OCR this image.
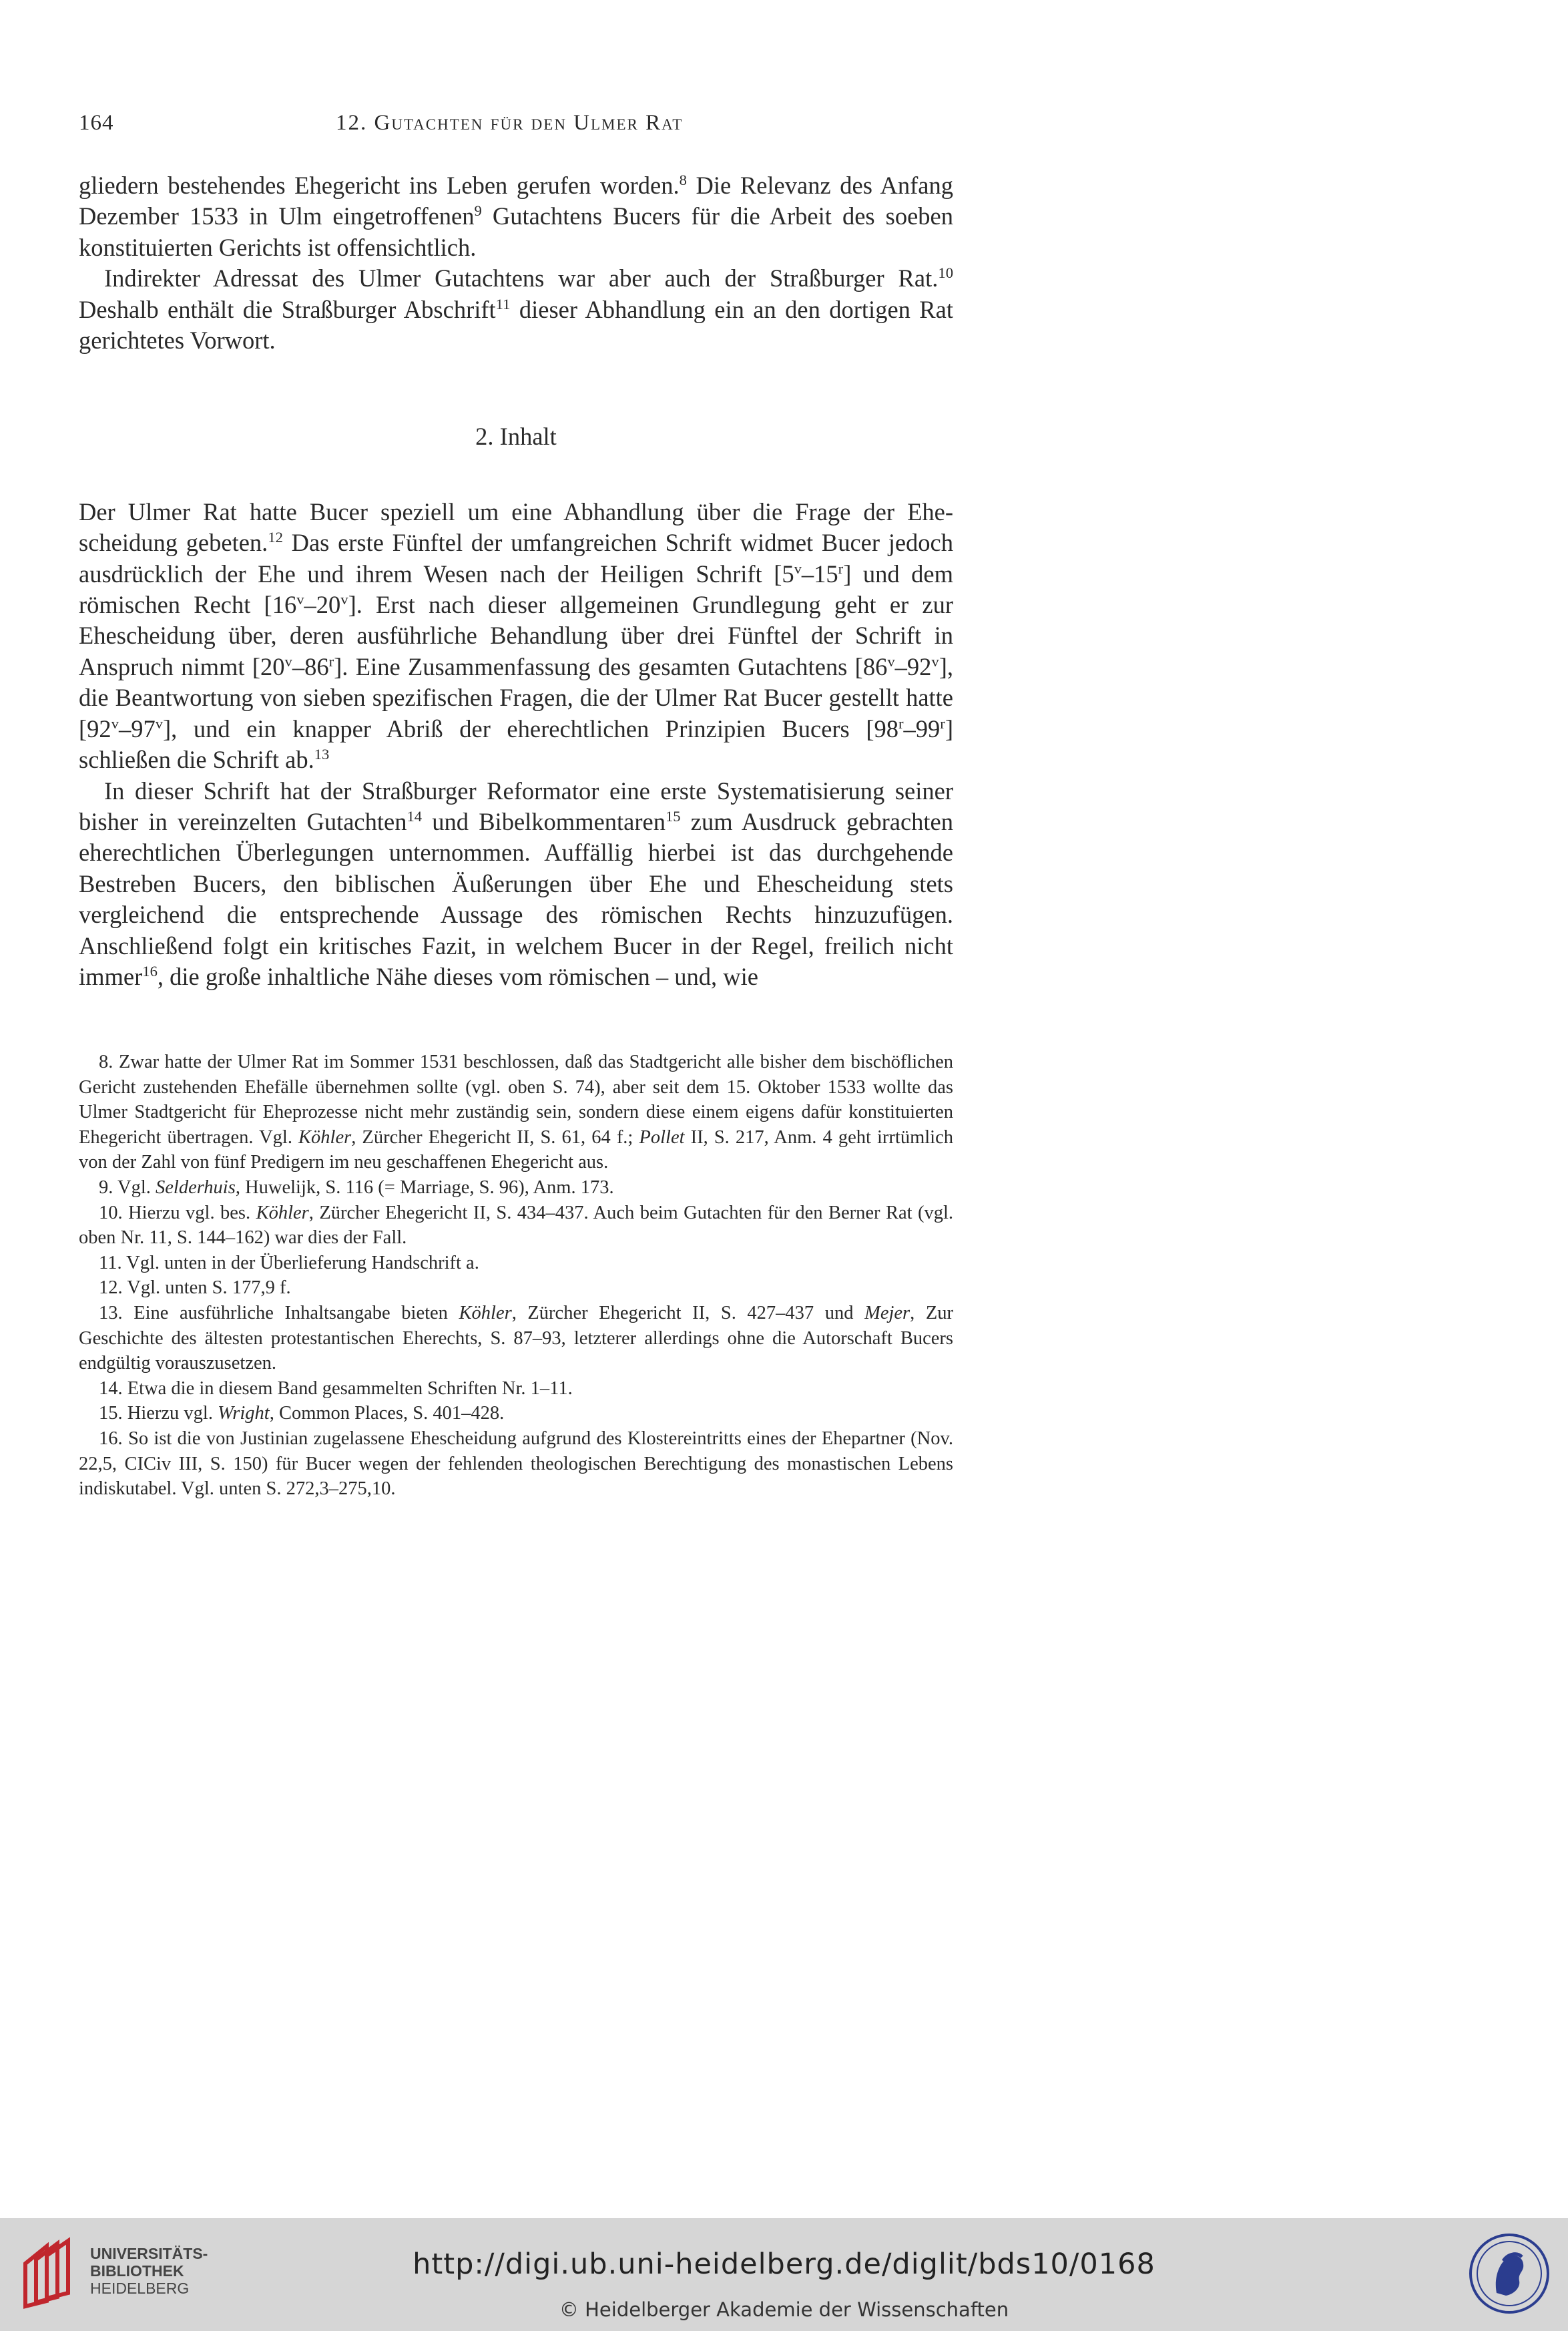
164	12. Gutachten für den Ulmer Rat

gliedern bestehendes Ehegericht ins Leben gerufen worden.$^8$ Die Relevanz des Anfang Dezember 1533 in Ulm eingetroffenen$^9$ Gutachtens Bucers für die Arbeit des soeben konstituierten Gerichts ist offensichtlich.

Indirekter Adressat des Ulmer Gutachtens war aber auch der Straßburger Rat.$^{10}$ Deshalb enthält die Straßburger Abschrift$^{11}$ dieser Abhandlung ein an den dortigen Rat gerichtetes Vorwort.

2. Inhalt

Der Ulmer Rat hatte Bucer speziell um eine Abhandlung über die Frage der Ehescheidung gebeten.$^{12}$ Das erste Fünftel der umfangreichen Schrift widmet Bucer jedoch ausdrücklich der Ehe und ihrem Wesen nach der Heiligen Schrift [5$^v$–15$^r$] und dem römischen Recht [16$^v$–20$^v$]. Erst nach dieser allgemeinen Grundlegung geht er zur Ehescheidung über, deren ausführliche Behandlung über drei Fünftel der Schrift in Anspruch nimmt [20$^v$–86$^r$]. Eine Zusammenfassung des gesamten Gutachtens [86$^v$–92$^v$], die Beantwortung von sieben spezifischen Fragen, die der Ulmer Rat Bucer gestellt hatte [92$^v$–97$^v$], und ein knapper Abriß der eherechtlichen Prinzipien Bucers [98$^r$–99$^r$] schließen die Schrift ab.$^{13}$

In dieser Schrift hat der Straßburger Reformator eine erste Systematisierung seiner bisher in vereinzelten Gutachten$^{14}$ und Bibelkommentaren$^{15}$ zum Ausdruck gebrachten eherechtlichen Überlegungen unternommen. Auffällig hierbei ist das durchgehende Bestreben Bucers, den biblischen Äußerungen über Ehe und Ehescheidung stets vergleichend die entsprechende Aussage des römischen Rechts hinzuzufügen. Anschließend folgt ein kritisches Fazit, in welchem Bucer in der Regel, freilich nicht immer$^{16}$, die große inhaltliche Nähe dieses vom römischen – und, wie

8. Zwar hatte der Ulmer Rat im Sommer 1531 beschlossen, daß das Stadtgericht alle bisher dem bischöflichen Gericht zustehenden Ehefälle übernehmen sollte (vgl. oben S. 74), aber seit dem 15. Oktober 1533 wollte das Ulmer Stadtgericht für Eheprozesse nicht mehr zuständig sein, sondern diese einem eigens dafür konstituierten Ehegericht übertragen. Vgl. Köhler, Zürcher Ehegericht II, S. 61, 64 f.; Pollet II, S. 217, Anm. 4 geht irrtümlich von der Zahl von fünf Predigern im neu geschaffenen Ehegericht aus.

9. Vgl. Selderhuis, Huwelijk, S. 116 (= Marriage, S. 96), Anm. 173.

10. Hierzu vgl. bes. Köhler, Zürcher Ehegericht II, S. 434–437. Auch beim Gutachten für den Berner Rat (vgl. oben Nr. 11, S. 144–162) war dies der Fall.

11. Vgl. unten in der Überlieferung Handschrift a.

12. Vgl. unten S. 177,9 f.

13. Eine ausführliche Inhaltsangabe bieten Köhler, Zürcher Ehegericht II, S. 427–437 und Mejer, Zur Geschichte des ältesten protestantischen Eherechts, S. 87–93, letzterer allerdings ohne die Autorschaft Bucers endgültig vorauszusetzen.

14. Etwa die in diesem Band gesammelten Schriften Nr. 1–11.

15. Hierzu vgl. Wright, Common Places, S. 401–428.

16. So ist die von Justinian zugelassene Ehescheidung aufgrund des Klostereintritts eines der Ehepartner (Nov. 22,5, CICiv III, S. 150) für Bucer wegen der fehlenden theologischen Berechtigung des monastischen Lebens indiskutabel. Vgl. unten S. 272,3–275,10.

UNIVERSITÄTS-
BIBLIOTHEK
HEIDELBERG
http://digi.ub.uni-heidelberg.de/diglit/bds10/0168
© Heidelberger Akademie der Wissenschaften
